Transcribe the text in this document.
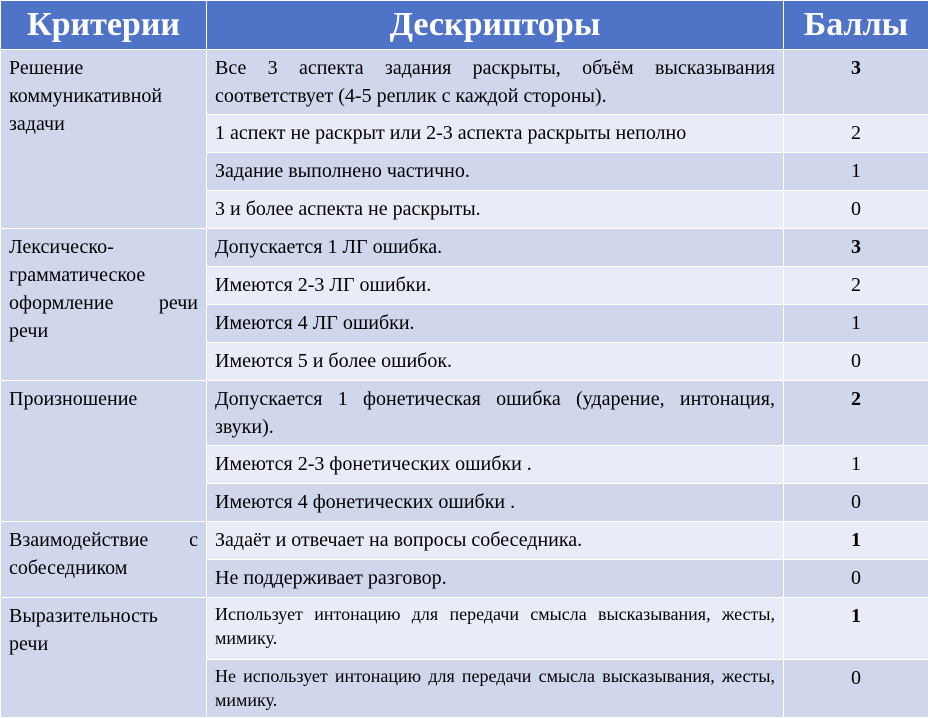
Критерии	Дескрипторы	Баллы
Решение коммуникативной задачи	Все 3 аспекта задания раскрыты, объём высказывания соответствует (4-5 реплик с каждой стороны).	3
	1 аспект не раскрыт или 2-3 аспекта раскрыты неполно	2
	Задание выполнено частично.	1
	3 и более аспекта не раскрыты.	0
Лексическо-грамматическое оформление речи речи	Допускается 1 ЛГ ошибка.	3
	Имеются 2-3 ЛГ ошибки.	2
	Имеются 4 ЛГ ошибки.	1
	Имеются 5 и более ошибок.	0
Произношение	Допускается 1 фонетическая ошибка (ударение, интонация, звуки).	2
	Имеются 2-3 фонетических ошибки .	1
	Имеются 4 фонетических ошибки .	0
Взаимодействие с собеседником	Задаёт и отвечает на вопросы собеседника.	1
	Не поддерживает разговор.	0
Выразительность речи	Использует интонацию для передачи смысла высказывания, жесты, мимику.	1
	Не использует интонацию для передачи смысла высказывания, жесты, мимику.	0
